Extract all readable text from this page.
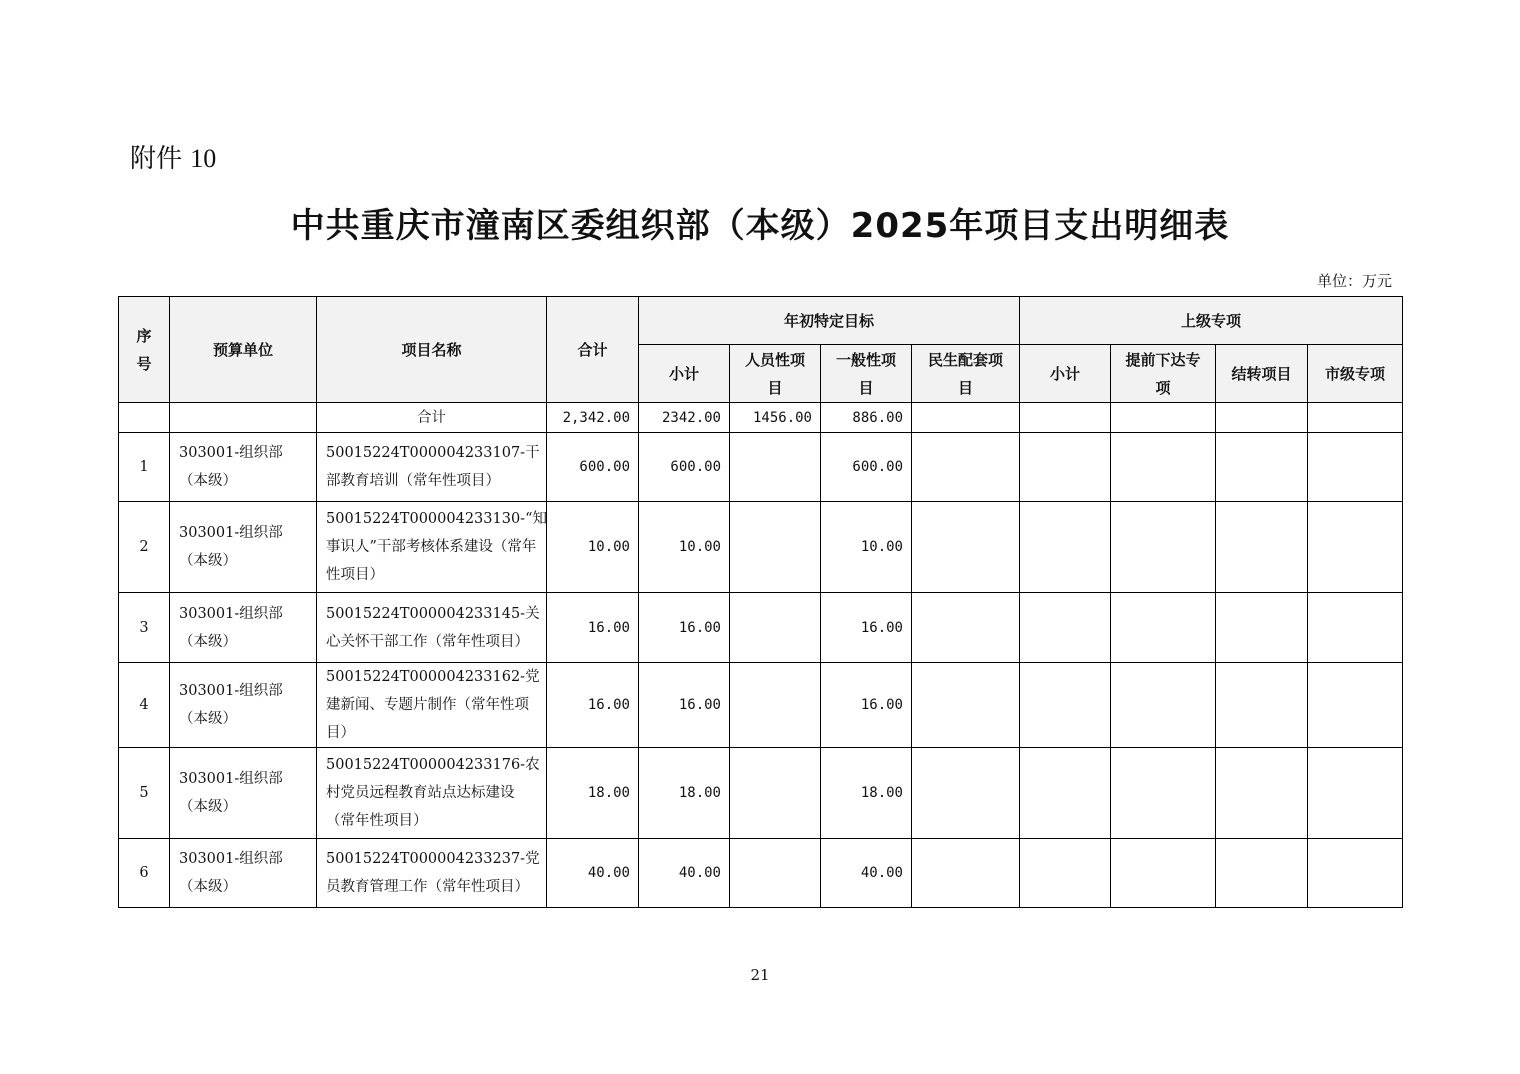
附件 10
中共重庆市潼南区委组织部（本级）2025年项目支出明细表
单位：万元
序号	预算单位	项目名称	合计	年初特定目标				上级专项			
				小计	人员性项目	一般性项目	民生配套项目	小计	提前下达专项	结转项目	市级专项
		合计	2,342.00	2342.00	1456.00	886.00					
1	303001-组织部（本级）	50015224T000004233107-干部教育培训（常年性项目）	600.00	600.00		600.00					
2	303001-组织部（本级）	50015224T000004233130-“知事识人”干部考核体系建设（常年性项目）	10.00	10.00		10.00					
3	303001-组织部（本级）	50015224T000004233145-关心关怀干部工作（常年性项目）	16.00	16.00		16.00					
4	303001-组织部（本级）	50015224T000004233162-党建新闻、专题片制作（常年性项目）	16.00	16.00		16.00					
5	303001-组织部（本级）	50015224T000004233176-农村党员远程教育站点达标建设（常年性项目）	18.00	18.00		18.00					
6	303001-组织部（本级）	50015224T000004233237-党员教育管理工作（常年性项目）	40.00	40.00		40.00					
21
